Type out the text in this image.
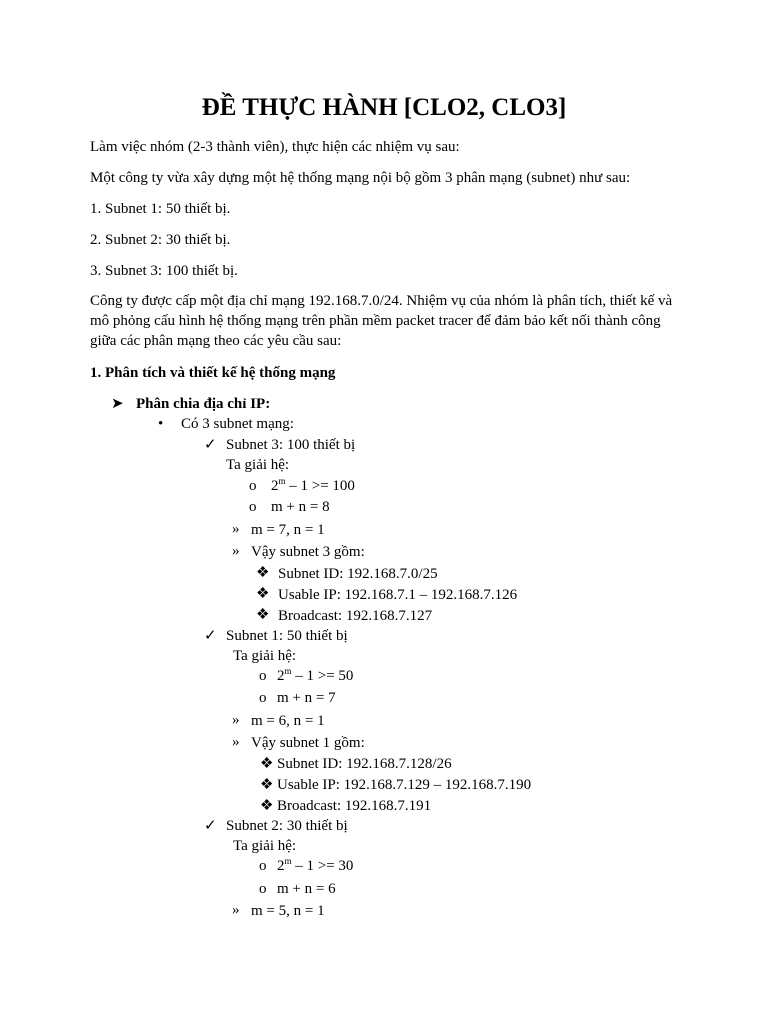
ĐỀ THỰC HÀNH [CLO2, CLO3]
Làm việc nhóm (2-3 thành viên), thực hiện các nhiệm vụ sau:
Một công ty vừa xây dựng một hệ thống mạng nội bộ gồm 3 phân mạng (subnet) như sau:
1. Subnet 1: 50 thiết bị.
2. Subnet 2: 30 thiết bị.
3. Subnet 3: 100 thiết bị.
Công ty được cấp một địa chỉ mạng 192.168.7.0/24. Nhiệm vụ của nhóm là phân tích, thiết kế và mô phỏng cấu hình hệ thống mạng trên phần mềm packet tracer để đảm bảo kết nối thành công giữa các phân mạng theo các yêu cầu sau:
1. Phân tích và thiết kế hệ thống mạng
➤ Phân chia địa chỉ IP:
• Có 3 subnet mạng:
✓ Subnet 3: 100 thiết bị
Ta giải hệ:
o 2$^m$ – 1 >= 100
o m + n = 8
» m = 7, n = 1
» Vậy subnet 3 gồm:
❖ Subnet ID: 192.168.7.0/25
❖ Usable IP: 192.168.7.1 – 192.168.7.126
❖ Broadcast: 192.168.7.127
✓ Subnet 1: 50 thiết bị
Ta giải hệ:
o 2$^m$ – 1 >= 50
o m + n = 7
» m = 6, n = 1
» Vậy subnet 1 gồm:
❖ Subnet ID: 192.168.7.128/26
❖ Usable IP: 192.168.7.129 – 192.168.7.190
❖ Broadcast: 192.168.7.191
✓ Subnet 2: 30 thiết bị
Ta giải hệ:
o 2$^m$ – 1 >= 30
o m + n = 6
» m = 5, n = 1
